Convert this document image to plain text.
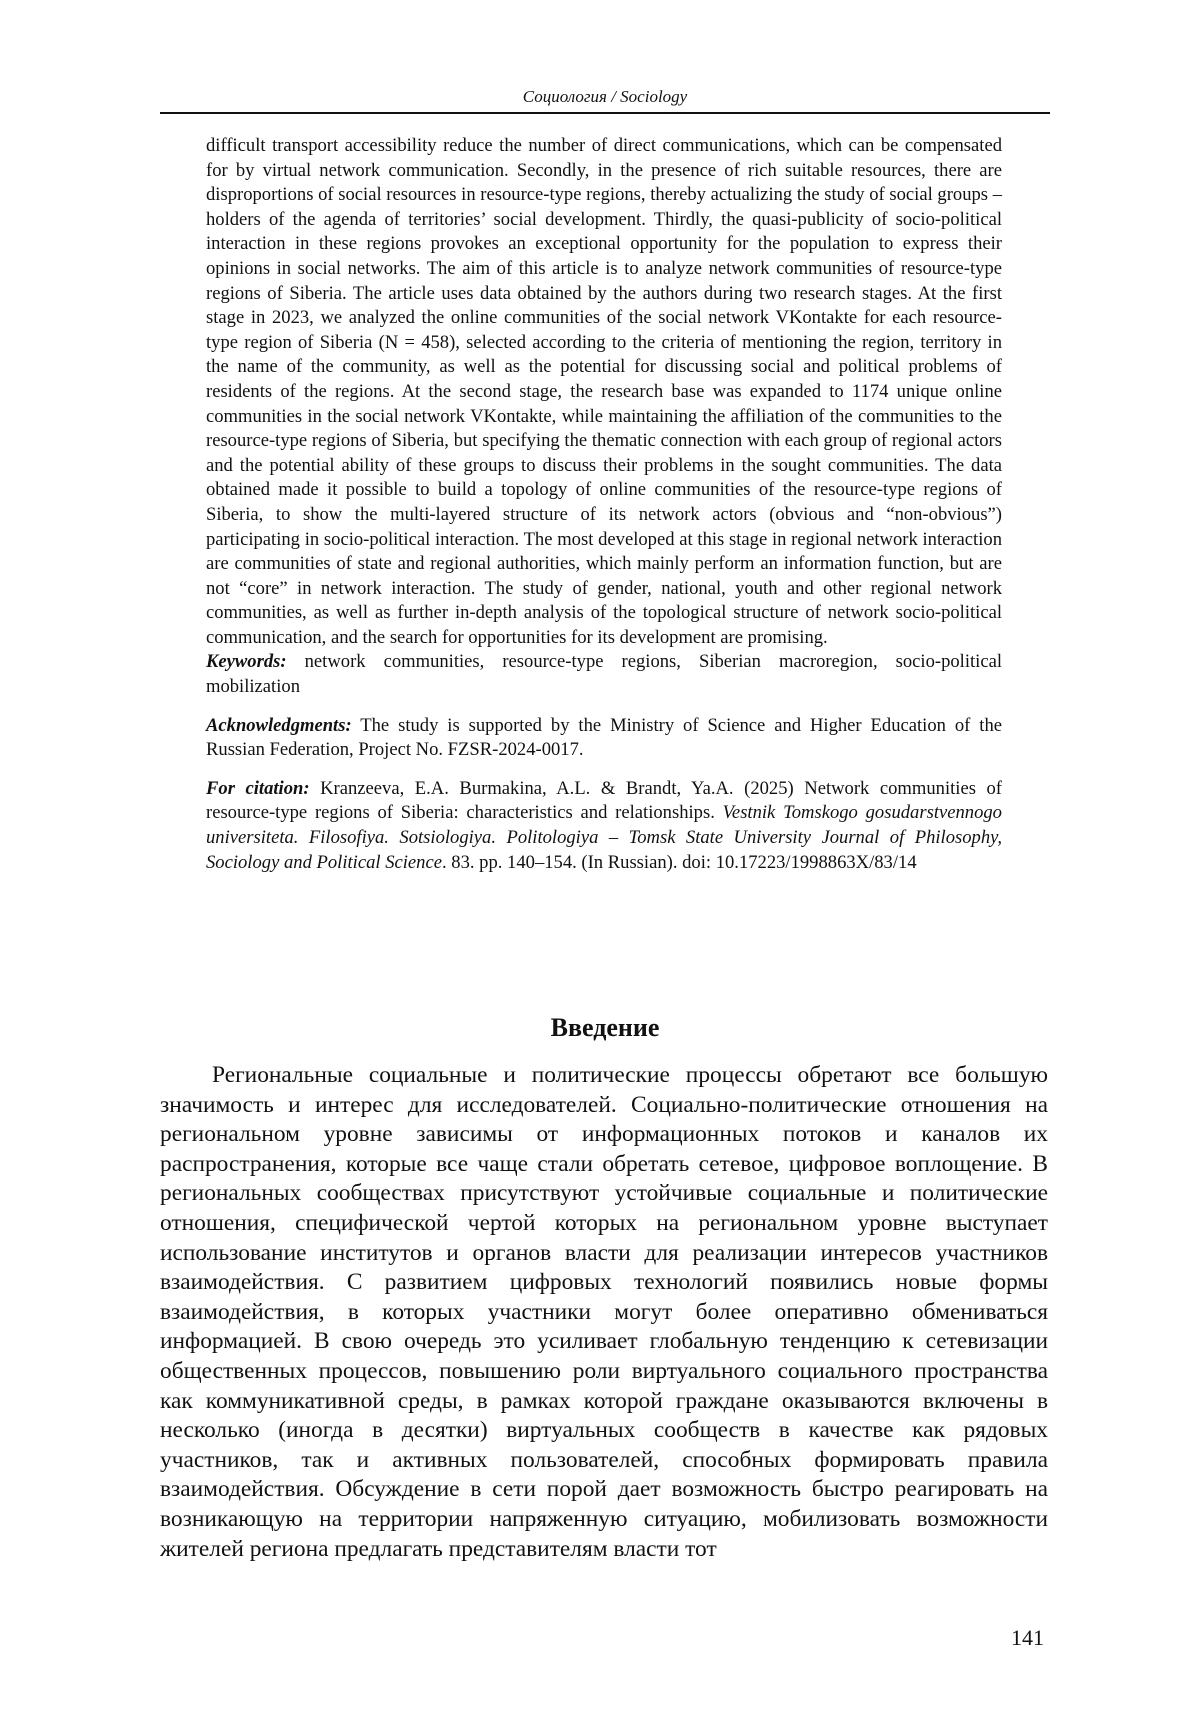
Социология / Sociology

difficult transport accessibility reduce the number of direct communications, which can be compensated for by virtual network communication. Secondly, in the presence of rich suitable resources, there are disproportions of social resources in resource-type regions, thereby actualizing the study of social groups – holders of the agenda of territories’ social development. Thirdly, the quasi-publicity of socio-political interaction in these regions provokes an exceptional opportunity for the population to express their opinions in social networks. The aim of this article is to analyze network communities of resource-type regions of Siberia. The article uses data obtained by the authors during two research stages. At the first stage in 2023, we analyzed the online communities of the social network VKontakte for each resource-type region of Siberia (N = 458), selected according to the criteria of mentioning the region, territory in the name of the community, as well as the potential for discussing social and political problems of residents of the regions. At the second stage, the research base was expanded to 1174 unique online communities in the social network VKontakte, while maintaining the affiliation of the communities to the resource-type regions of Siberia, but specifying the thematic connection with each group of regional actors and the potential ability of these groups to discuss their problems in the sought communities. The data obtained made it possible to build a topology of online communities of the resource-type regions of Siberia, to show the multi-layered structure of its network actors (obvious and “non-obvious”) participating in socio-political interaction. The most developed at this stage in regional network interaction are communities of state and regional authorities, which mainly perform an information function, but are not “core” in network interaction. The study of gender, national, youth and other regional network communities, as well as further in-depth analysis of the topological structure of network socio-political communication, and the search for opportunities for its development are promising.

Keywords: network communities, resource-type regions, Siberian macroregion, socio-political mobilization

Acknowledgments: The study is supported by the Ministry of Science and Higher Education of the Russian Federation, Project No. FZSR-2024-0017.

For citation: Kranzeeva, E.A. Burmakina, A.L. & Brandt, Ya.A. (2025) Network communities of resource-type regions of Siberia: characteristics and relationships. Vestnik Tomskogo gosudarstvennogo universiteta. Filosofiya. Sotsiologiya. Politologiya – Tomsk State University Journal of Philosophy, Sociology and Political Science. 83. pp. 140–154. (In Russian). doi: 10.17223/1998863X/83/14

Введение

Региональные социальные и политические процессы обретают все большую значимость и интерес для исследователей. Социально-политические отношения на региональном уровне зависимы от информационных потоков и каналов их распространения, которые все чаще стали обретать сетевое, цифровое воплощение. В региональных сообществах присутствуют устойчивые социальные и политические отношения, специфической чертой которых на региональном уровне выступает использование институтов и органов власти для реализации интересов участников взаимодействия. С развитием цифровых технологий появились новые формы взаимодействия, в которых участники могут более оперативно обмениваться информацией. В свою очередь это усиливает глобальную тенденцию к сетевизации общественных процессов, повышению роли виртуального социального пространства как коммуникативной среды, в рамках которой граждане оказываются включены в несколько (иногда в десятки) виртуальных сообществ в качестве как рядовых участников, так и активных пользователей, способных формировать правила взаимодействия. Обсуждение в сети порой дает возможность быстро реагировать на возникающую на территории напряженную ситуацию, мобилизовать возможности жителей региона предлагать представителям власти тот

141
